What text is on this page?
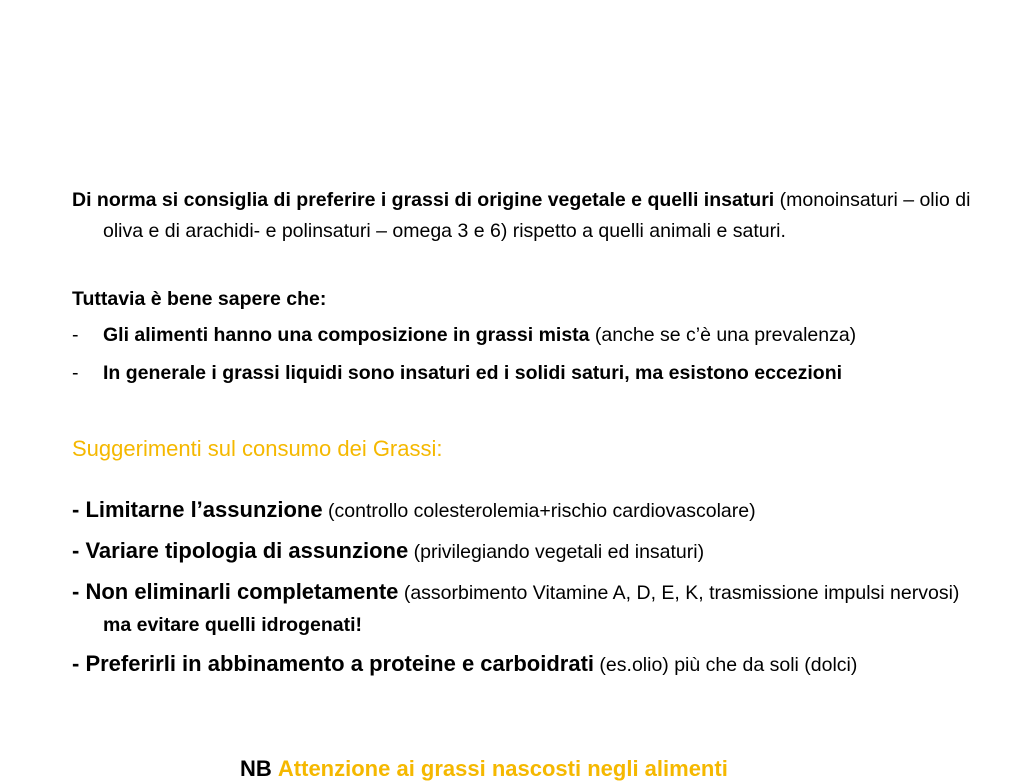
Di norma si consiglia di preferire i grassi di origine vegetale e quelli insaturi (monoinsaturi – olio di oliva e di arachidi- e polinsaturi – omega 3 e 6) rispetto a quelli animali e saturi.
Tuttavia è bene sapere che:
-	Gli alimenti hanno una composizione in grassi mista (anche se c’è una prevalenza)
-	In generale i grassi liquidi sono insaturi ed i solidi saturi, ma esistono eccezioni
Suggerimenti sul consumo dei Grassi:
- Limitarne l’assunzione (controllo colesterolemia+rischio cardiovascolare)
- Variare tipologia di assunzione (privilegiando vegetali ed insaturi)
- Non eliminarli completamente (assorbimento Vitamine A, D, E, K, trasmissione impulsi nervosi) ma evitare quelli idrogenati!
- Preferirli in abbinamento a proteine e carboidrati (es.olio) più che da soli (dolci)
NB Attenzione ai grassi nascosti negli alimenti
